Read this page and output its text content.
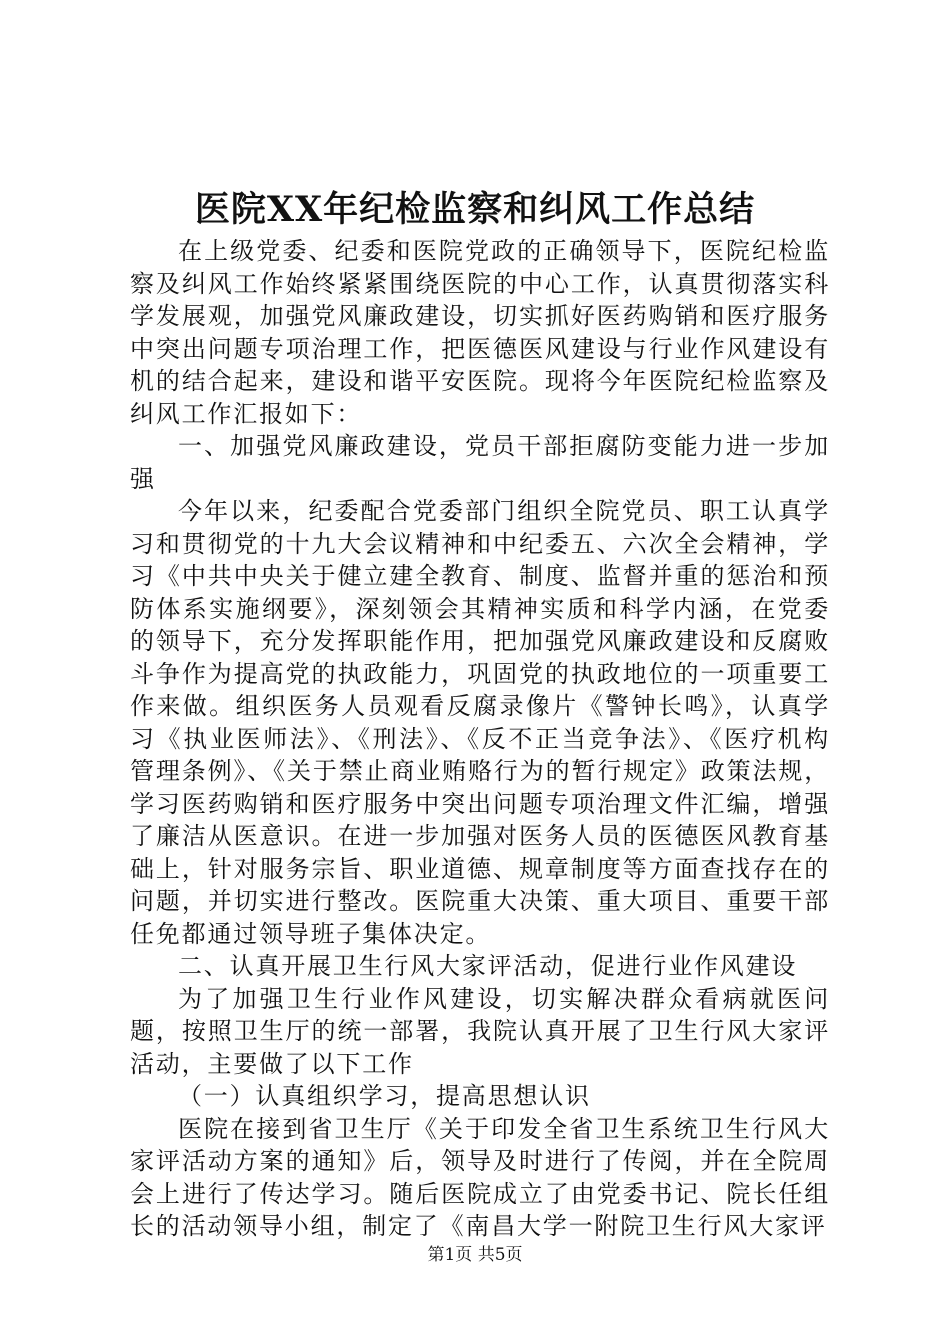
医院XX年纪检监察和纠风工作总结

在上级党委、纪委和医院党政的正确领导下，医院纪检监察及纠风工作始终紧紧围绕医院的中心工作，认真贯彻落实科学发展观，加强党风廉政建设，切实抓好医药购销和医疗服务中突出问题专项治理工作，把医德医风建设与行业作风建设有机的结合起来，建设和谐平安医院。现将今年医院纪检监察及纠风工作汇报如下：

一、加强党风廉政建设，党员干部拒腐防变能力进一步加强

今年以来，纪委配合党委部门组织全院党员、职工认真学习和贯彻党的十九大会议精神和中纪委五、六次全会精神，学习《中共中央关于健立建全教育、制度、监督并重的惩治和预防体系实施纲要》，深刻领会其精神实质和科学内涵，在党委的领导下，充分发挥职能作用，把加强党风廉政建设和反腐败斗争作为提高党的执政能力，巩固党的执政地位的一项重要工作来做。组织医务人员观看反腐录像片《警钟长鸣》，认真学习《执业医师法》、《刑法》、《反不正当竞争法》、《医疗机构管理条例》、《关于禁止商业贿赂行为的暂行规定》政策法规，学习医药购销和医疗服务中突出问题专项治理文件汇编，增强了廉洁从医意识。在进一步加强对医务人员的医德医风教育基础上，针对服务宗旨、职业道德、规章制度等方面查找存在的问题，并切实进行整改。医院重大决策、重大项目、重要干部任免都通过领导班子集体决定。

二、认真开展卫生行风大家评活动，促进行业作风建设

为了加强卫生行业作风建设，切实解决群众看病就医问题，按照卫生厅的统一部署，我院认真开展了卫生行风大家评活动，主要做了以下工作

（一）认真组织学习，提高思想认识

医院在接到省卫生厅《关于印发全省卫生系统卫生行风大家评活动方案的通知》后，领导及时进行了传阅，并在全院周会上进行了传达学习。随后医院成立了由党委书记、院长任组长的活动领导小组，制定了《南昌大学一附院卫生行风大家评

第1页 共5页
